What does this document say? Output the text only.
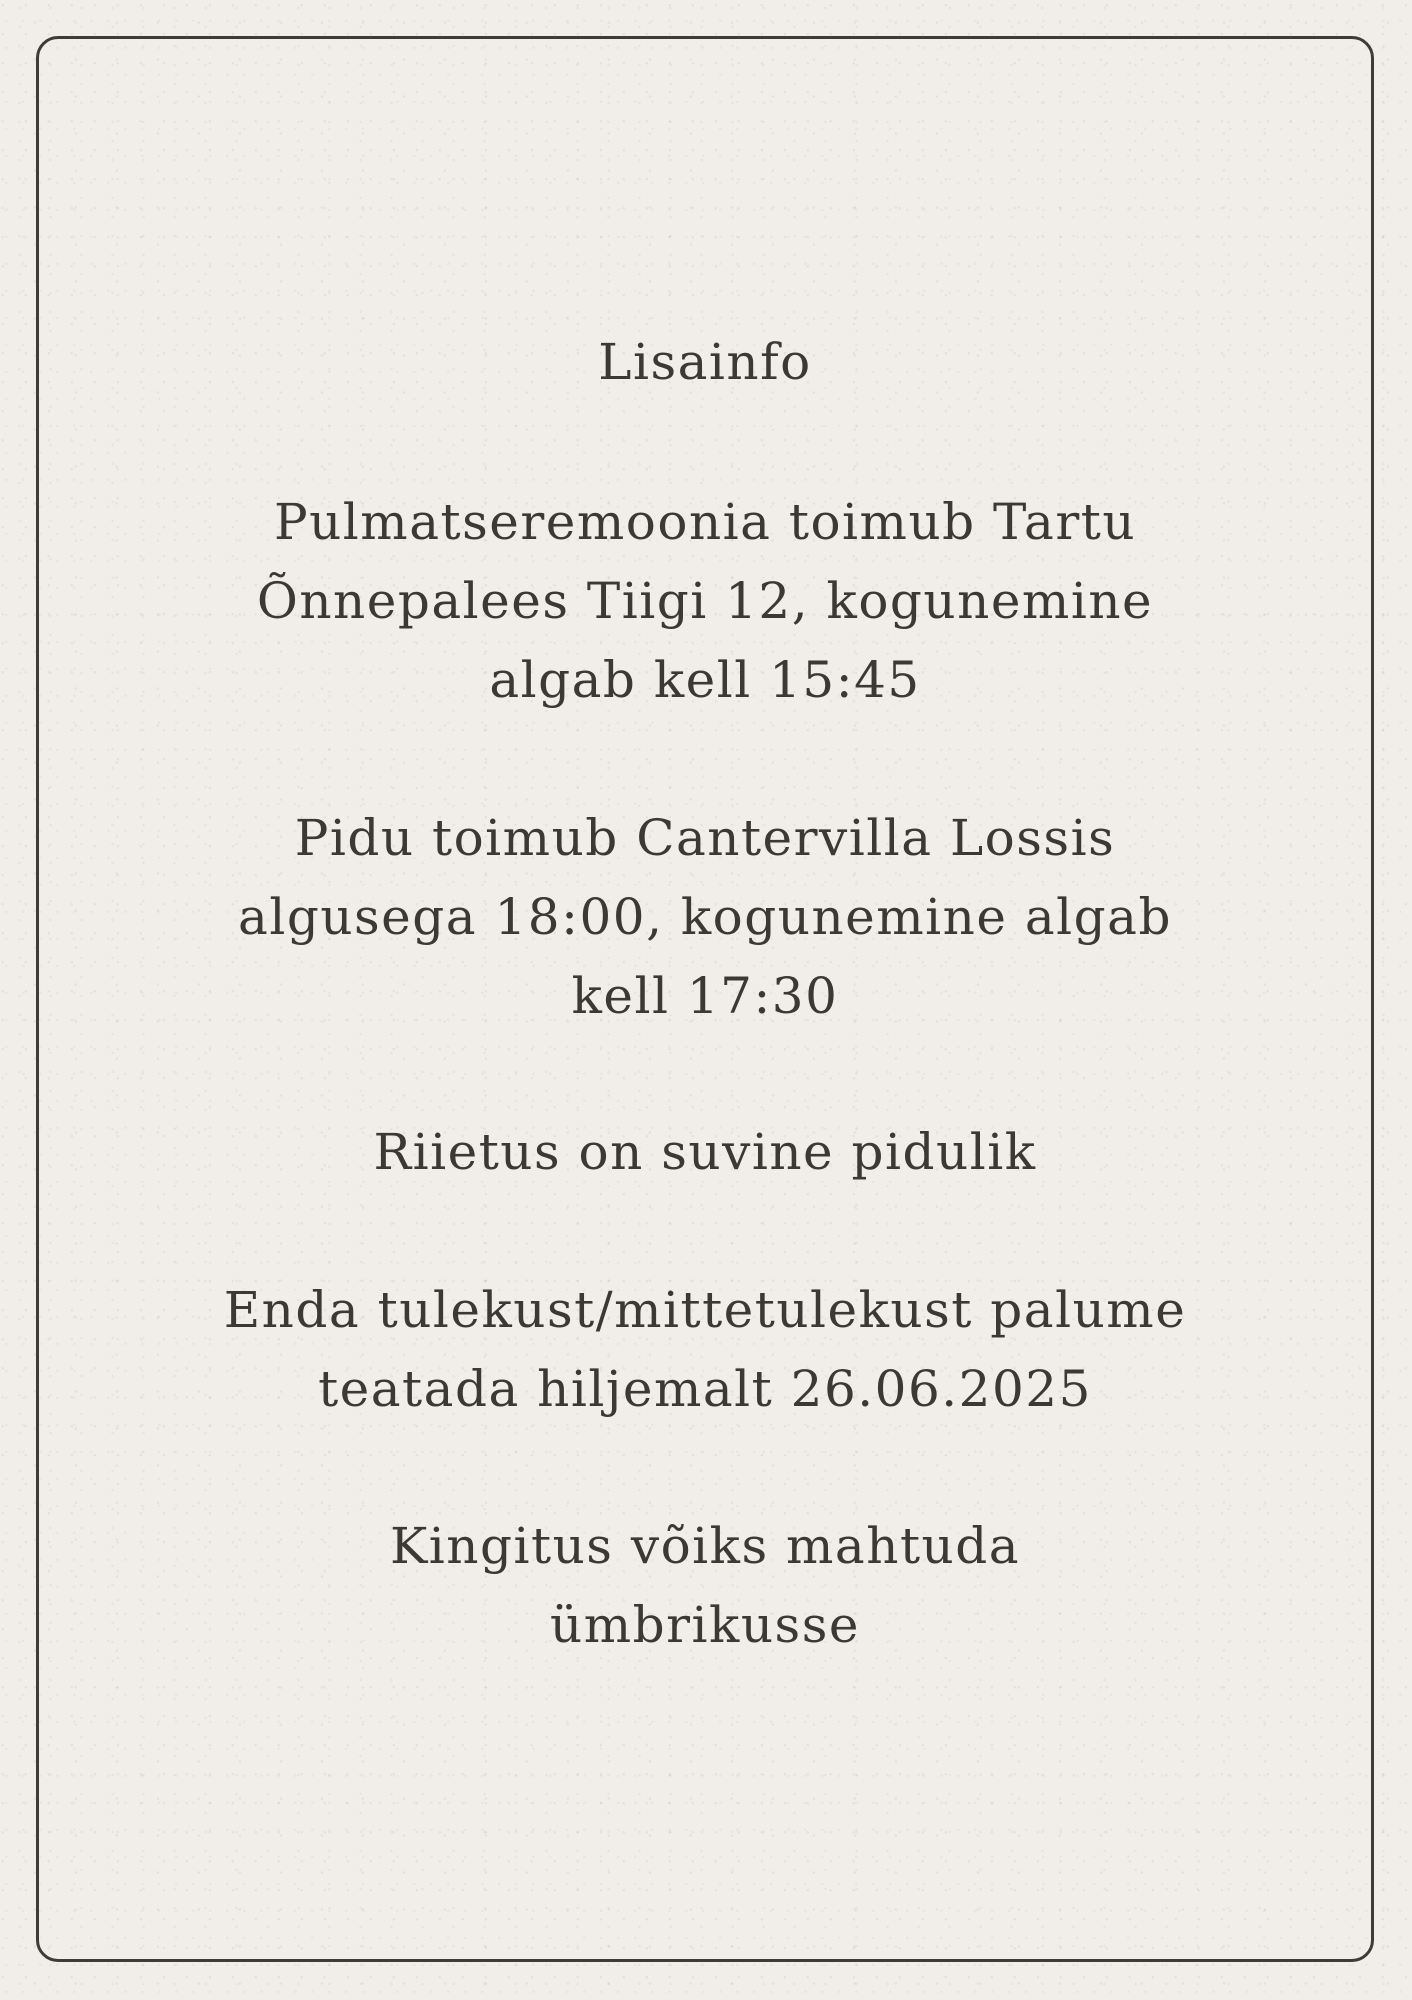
Lisainfo

Pulmatseremoonia toimub Tartu
Õnnepalees Tiigi 12, kogunemine
algab kell 15:45

Pidu toimub Cantervilla Lossis
algusega 18:00, kogunemine algab
kell 17:30

Riietus on suvine pidulik

Enda tulekust/mittetulekust palume
teatada hiljemalt 26.06.2025

Kingitus võiks mahtuda
ümbrikusse
